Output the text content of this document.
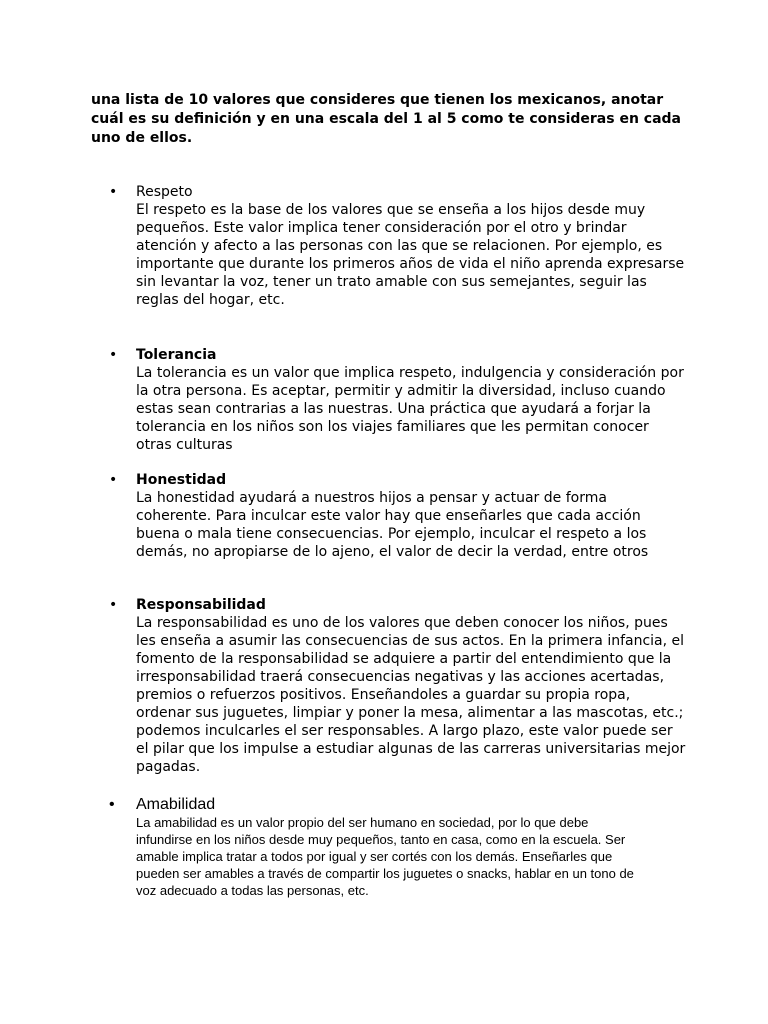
una lista de 10 valores que consideres que tienen los mexicanos, anotar
cuál es su definición y en una escala del 1 al 5 como te consideras en cada
uno de ellos.

• Respeto

El respeto es la base de los valores que se enseña a los hijos desde muy
pequeños. Este valor implica tener consideración por el otro y brindar
atención y afecto a las personas con las que se relacionen. Por ejemplo, es
importante que durante los primeros años de vida el niño aprenda expresarse
sin levantar la voz, tener un trato amable con sus semejantes, seguir las
reglas del hogar, etc.

• Tolerancia

La tolerancia es un valor que implica respeto, indulgencia y consideración por
la otra persona. Es aceptar, permitir y admitir la diversidad, incluso cuando
estas sean contrarias a las nuestras. Una práctica que ayudará a forjar la
tolerancia en los niños son los viajes familiares que les permitan conocer
otras culturas

• Honestidad

La honestidad ayudará a nuestros hijos a pensar y actuar de forma
coherente. Para inculcar este valor hay que enseñarles que cada acción
buena o mala tiene consecuencias. Por ejemplo, inculcar el respeto a los
demás, no apropiarse de lo ajeno, el valor de decir la verdad, entre otros

• Responsabilidad

La responsabilidad es uno de los valores que deben conocer los niños, pues
les enseña a asumir las consecuencias de sus actos. En la primera infancia, el
fomento de la responsabilidad se adquiere a partir del entendimiento que la
irresponsabilidad traerá consecuencias negativas y las acciones acertadas,
premios o refuerzos positivos. Enseñandoles a guardar su propia ropa,
ordenar sus juguetes, limpiar y poner la mesa, alimentar a las mascotas, etc.;
podemos inculcarles el ser responsables. A largo plazo, este valor puede ser
el pilar que los impulse a estudiar algunas de las carreras universitarias mejor
pagadas.

• Amabilidad

La amabilidad es un valor propio del ser humano en sociedad, por lo que debe
infundirse en los niños desde muy pequeños, tanto en casa, como en la escuela. Ser
amable implica tratar a todos por igual y ser cortés con los demás. Enseñarles que
pueden ser amables a través de compartir los juguetes o snacks, hablar en un tono de
voz adecuado a todas las personas, etc.
